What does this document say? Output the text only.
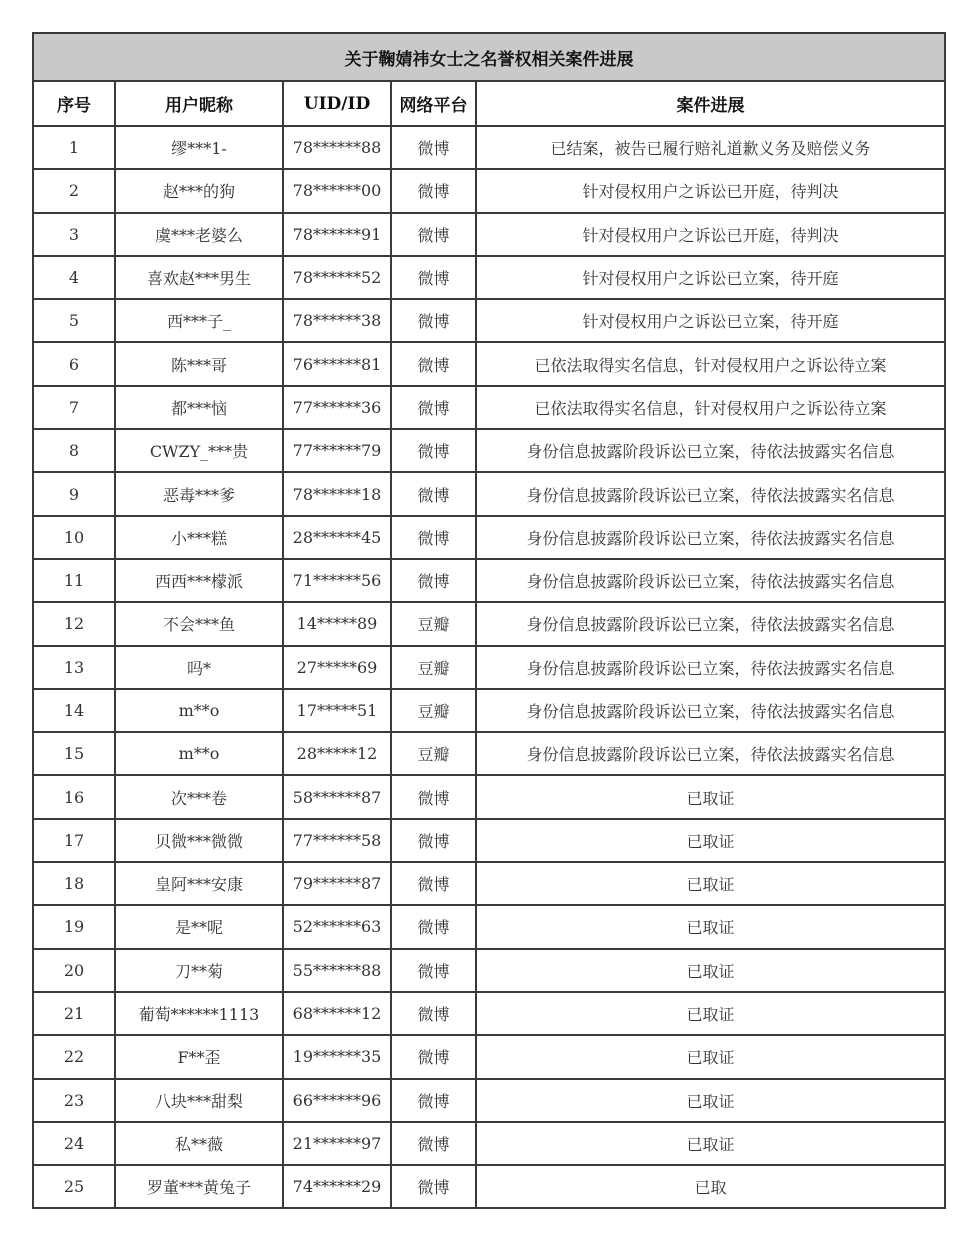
关于鞠婧祎女士之名誉权相关案件进展				
序号	用户昵称	UID/ID	网络平台	案件进展
1	缪***1-	78******88	微博	已结案，被告已履行赔礼道歉义务及赔偿义务
2	赵***的狗	78******00	微博	针对侵权用户之诉讼已开庭，待判决
3	虞***老婆么	78******91	微博	针对侵权用户之诉讼已开庭，待判决
4	喜欢赵***男生	78******52	微博	针对侵权用户之诉讼已立案，待开庭
5	西***子_	78******38	微博	针对侵权用户之诉讼已立案，待开庭
6	陈***哥	76******81	微博	已依法取得实名信息，针对侵权用户之诉讼待立案
7	都***恼	77******36	微博	已依法取得实名信息，针对侵权用户之诉讼待立案
8	CWZY_***贵	77******79	微博	身份信息披露阶段诉讼已立案，待依法披露实名信息
9	恶毒***爹	78******18	微博	身份信息披露阶段诉讼已立案，待依法披露实名信息
10	小***糕	28******45	微博	身份信息披露阶段诉讼已立案，待依法披露实名信息
11	西西***檬派	71******56	微博	身份信息披露阶段诉讼已立案，待依法披露实名信息
12	不会***鱼	14*****89	豆瓣	身份信息披露阶段诉讼已立案，待依法披露实名信息
13	吗*	27*****69	豆瓣	身份信息披露阶段诉讼已立案，待依法披露实名信息
14	m**o	17*****51	豆瓣	身份信息披露阶段诉讼已立案，待依法披露实名信息
15	m**o	28*****12	豆瓣	身份信息披露阶段诉讼已立案，待依法披露实名信息
16	次***卷	58******87	微博	已取证
17	贝微***微微	77******58	微博	已取证
18	皇阿***安康	79******87	微博	已取证
19	是**呢	52******63	微博	已取证
20	刀**菊	55******88	微博	已取证
21	葡萄******1113	68******12	微博	已取证
22	F**歪	19******35	微博	已取证
23	八块***甜梨	66******96	微博	已取证
24	私**薇	21******97	微博	已取证
25	罗董***黄兔子	74******29	微博	已取
